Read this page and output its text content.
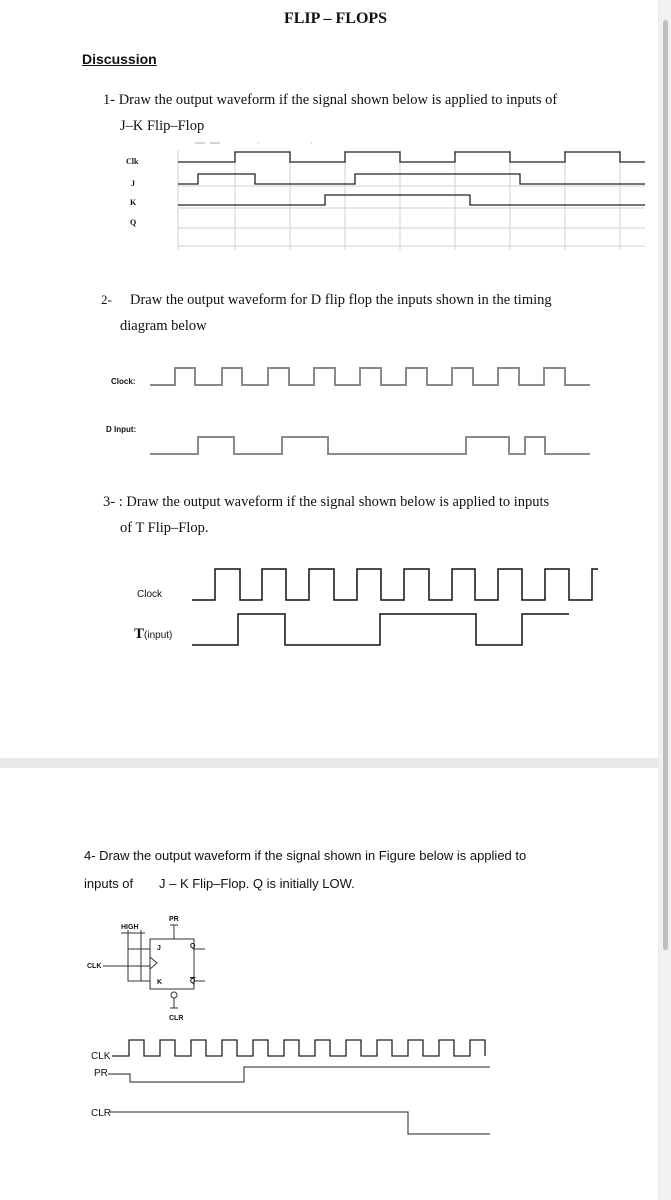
FLIP – FLOPS
Discussion
1- Draw the output waveform if the signal shown below is applied to inputs of
J–K Flip–Flop
Clk
J
K
Q
2- Draw the output waveform for D flip flop the inputs shown in the timing
diagram below
Clock:
D Input:
3- : Draw the output waveform if the signal shown below is applied to inputs
of T Flip–Flop.
Clock
T(input)
4- Draw the output waveform if the signal shown in Figure below is applied to
inputs of J – K Flip–Flop. Q is initially LOW.
HIGH
PR
J	Q
K	$\overline{Q}$
CLR
CLK
CLK
PR
CLR
